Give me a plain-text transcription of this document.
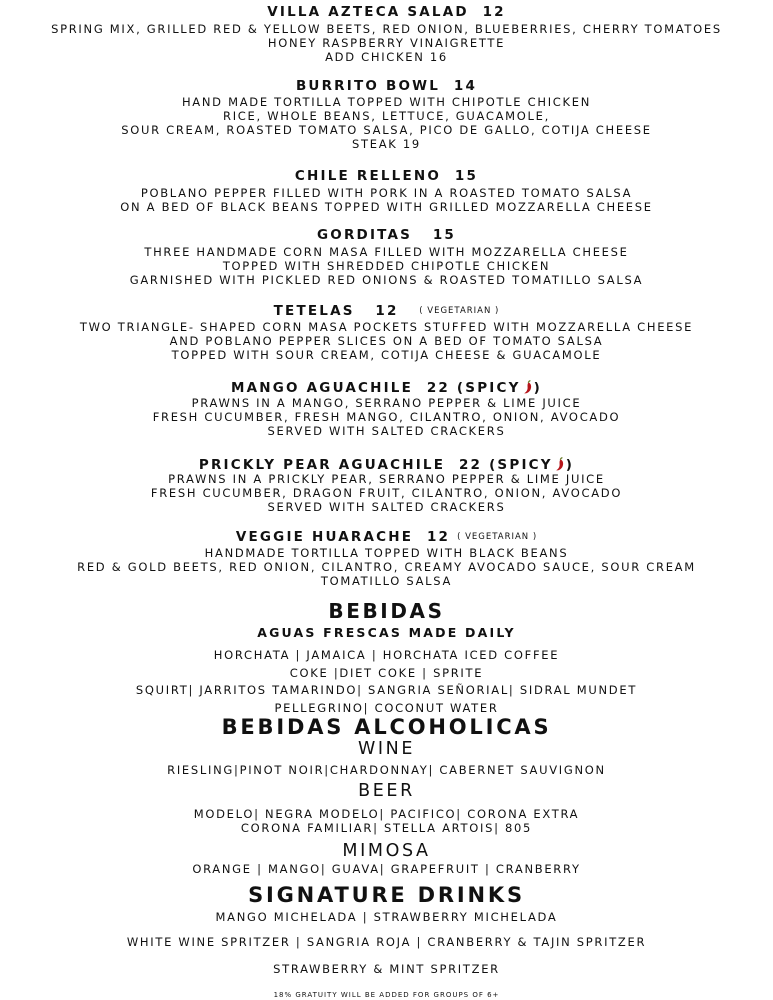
VILLA AZTECA SALAD 12
SPRING MIX, GRILLED RED & YELLOW BEETS, RED ONION, BLUEBERRIES, CHERRY TOMATOES
HONEY RASPBERRY VINAIGRETTE
ADD CHICKEN 16
BURRITO BOWL 14
HAND MADE TORTILLA TOPPED WITH CHIPOTLE CHICKEN
RICE, WHOLE BEANS, LETTUCE, GUACAMOLE,
SOUR CREAM, ROASTED TOMATO SALSA, PICO DE GALLO, COTIJA CHEESE
STEAK 19
CHILE RELLENO 15
POBLANO PEPPER FILLED WITH PORK IN A ROASTED TOMATO SALSA
ON A BED OF BLACK BEANS TOPPED WITH GRILLED MOZZARELLA CHEESE
GORDITAS 15
THREE HANDMADE CORN MASA FILLED WITH MOZZARELLA CHEESE
TOPPED WITH SHREDDED CHIPOTLE CHICKEN
GARNISHED WITH PICKLED RED ONIONS & ROASTED TOMATILLO SALSA
TETELAS 12 ( VEGETARIAN )
TWO TRIANGLE- SHAPED CORN MASA POCKETS STUFFED WITH MOZZARELLA CHEESE
AND POBLANO PEPPER SLICES ON A BED OF TOMATO SALSA
TOPPED WITH SOUR CREAM, COTIJA CHEESE & GUACAMOLE
MANGO AGUACHILE 22 (SPICY )
PRAWNS IN A MANGO, SERRANO PEPPER & LIME JUICE
FRESH CUCUMBER, FRESH MANGO, CILANTRO, ONION, AVOCADO
SERVED WITH SALTED CRACKERS
PRICKLY PEAR AGUACHILE 22 (SPICY )
PRAWNS IN A PRICKLY PEAR, SERRANO PEPPER & LIME JUICE
FRESH CUCUMBER, DRAGON FRUIT, CILANTRO, ONION, AVOCADO
SERVED WITH SALTED CRACKERS
VEGGIE HUARACHE 12 ( VEGETARIAN )
HANDMADE TORTILLA TOPPED WITH BLACK BEANS
RED & GOLD BEETS, RED ONION, CILANTRO, CREAMY AVOCADO SAUCE, SOUR CREAM
TOMATILLO SALSA
BEBIDAS
AGUAS FRESCAS MADE DAILY
HORCHATA | JAMAICA | HORCHATA ICED COFFEE
COKE |DIET COKE | SPRITE
SQUIRT| JARRITOS TAMARINDO| SANGRIA SEÑORIAL| SIDRAL MUNDET
PELLEGRINO| COCONUT WATER
BEBIDAS ALCOHOLICAS
WINE
RIESLING|PINOT NOIR|CHARDONNAY| CABERNET SAUVIGNON
BEER
MODELO| NEGRA MODELO| PACIFICO| CORONA EXTRA
CORONA FAMILIAR| STELLA ARTOIS| 805
MIMOSA
ORANGE | MANGO| GUAVA| GRAPEFRUIT | CRANBERRY
SIGNATURE DRINKS
MANGO MICHELADA | STRAWBERRY MICHELADA
WHITE WINE SPRITZER | SANGRIA ROJA | CRANBERRY & TAJIN SPRITZER
STRAWBERRY & MINT SPRITZER
18% GRATUITY WILL BE ADDED FOR GROUPS OF 6+
